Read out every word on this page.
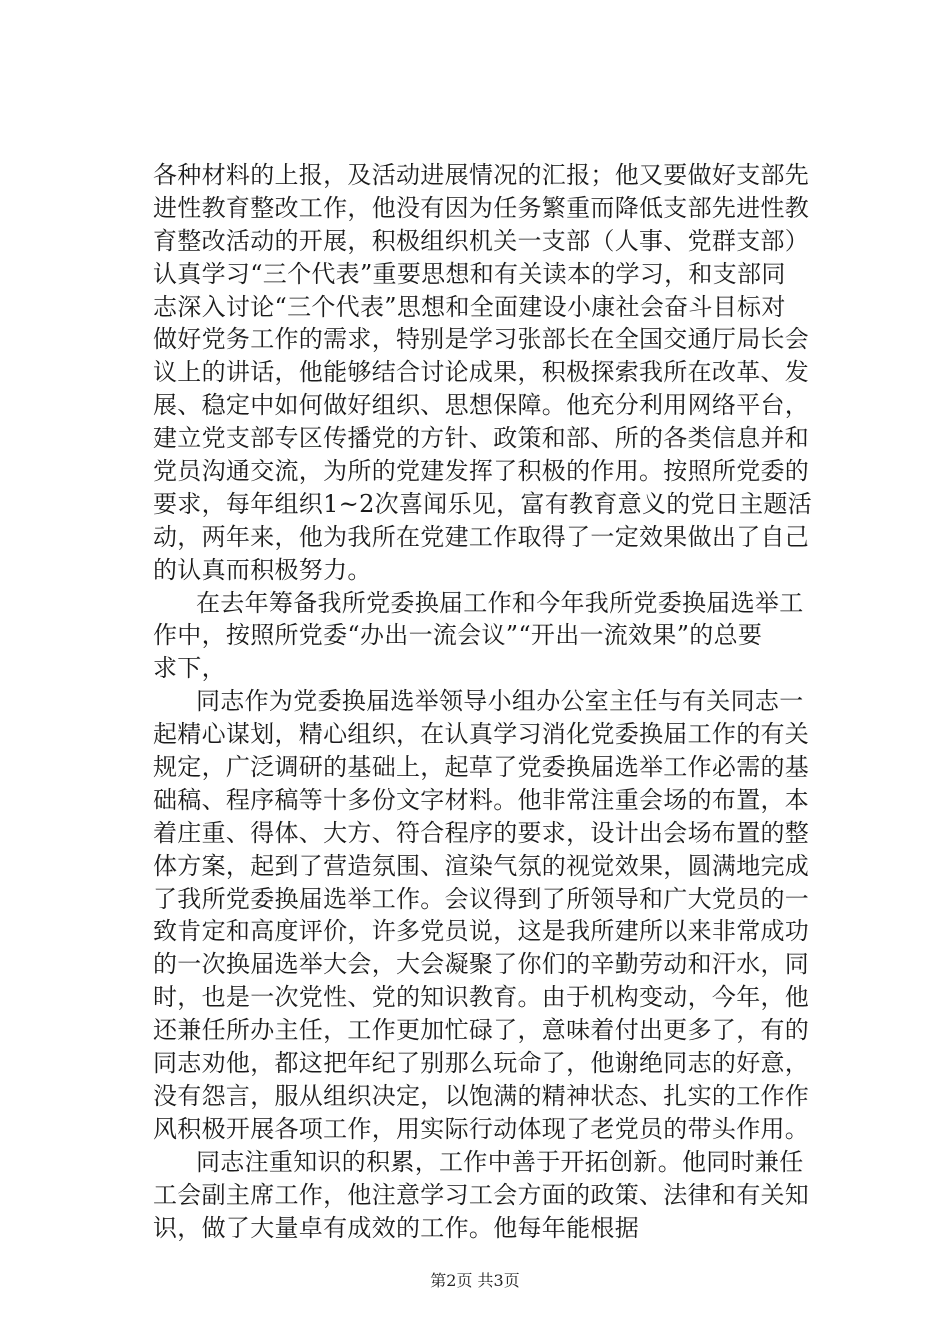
各种材料的上报，及活动进展情况的汇报；他又要做好支部先
进性教育整改工作，他没有因为任务繁重而降低支部先进性教
育整改活动的开展，积极组织机关一支部（人事、党群支部）
认真学习“三个代表”重要思想和有关读本的学习，和支部同
志深入讨论“三个代表”思想和全面建设小康社会奋斗目标对
做好党务工作的需求，特别是学习张部长在全国交通厅局长会
议上的讲话，他能够结合讨论成果，积极探索我所在改革、发
展、稳定中如何做好组织、思想保障。他充分利用网络平台，
建立党支部专区传播党的方针、政策和部、所的各类信息并和
党员沟通交流，为所的党建发挥了积极的作用。按照所党委的
要求，每年组织1~2次喜闻乐见，富有教育意义的党日主题活
动，两年来，他为我所在党建工作取得了一定效果做出了自己
的认真而积极努力。
在去年筹备我所党委换届工作和今年我所党委换届选举工
作中，按照所党委“办出一流会议”“开出一流效果”的总要
求下，
同志作为党委换届选举领导小组办公室主任与有关同志一
起精心谋划，精心组织，在认真学习消化党委换届工作的有关
规定，广泛调研的基础上，起草了党委换届选举工作必需的基
础稿、程序稿等十多份文字材料。他非常注重会场的布置，本
着庄重、得体、大方、符合程序的要求，设计出会场布置的整
体方案，起到了营造氛围、渲染气氛的视觉效果，圆满地完成
了我所党委换届选举工作。会议得到了所领导和广大党员的一
致肯定和高度评价，许多党员说，这是我所建所以来非常成功
的一次换届选举大会，大会凝聚了你们的辛勤劳动和汗水，同
时，也是一次党性、党的知识教育。由于机构变动，今年，他
还兼任所办主任，工作更加忙碌了，意味着付出更多了，有的
同志劝他，都这把年纪了别那么玩命了，他谢绝同志的好意，
没有怨言，服从组织决定，以饱满的精神状态、扎实的工作作
风积极开展各项工作，用实际行动体现了老党员的带头作用。
同志注重知识的积累，工作中善于开拓创新。他同时兼任
工会副主席工作，他注意学习工会方面的政策、法律和有关知
识，做了大量卓有成效的工作。他每年能根据
第2页 共3页
